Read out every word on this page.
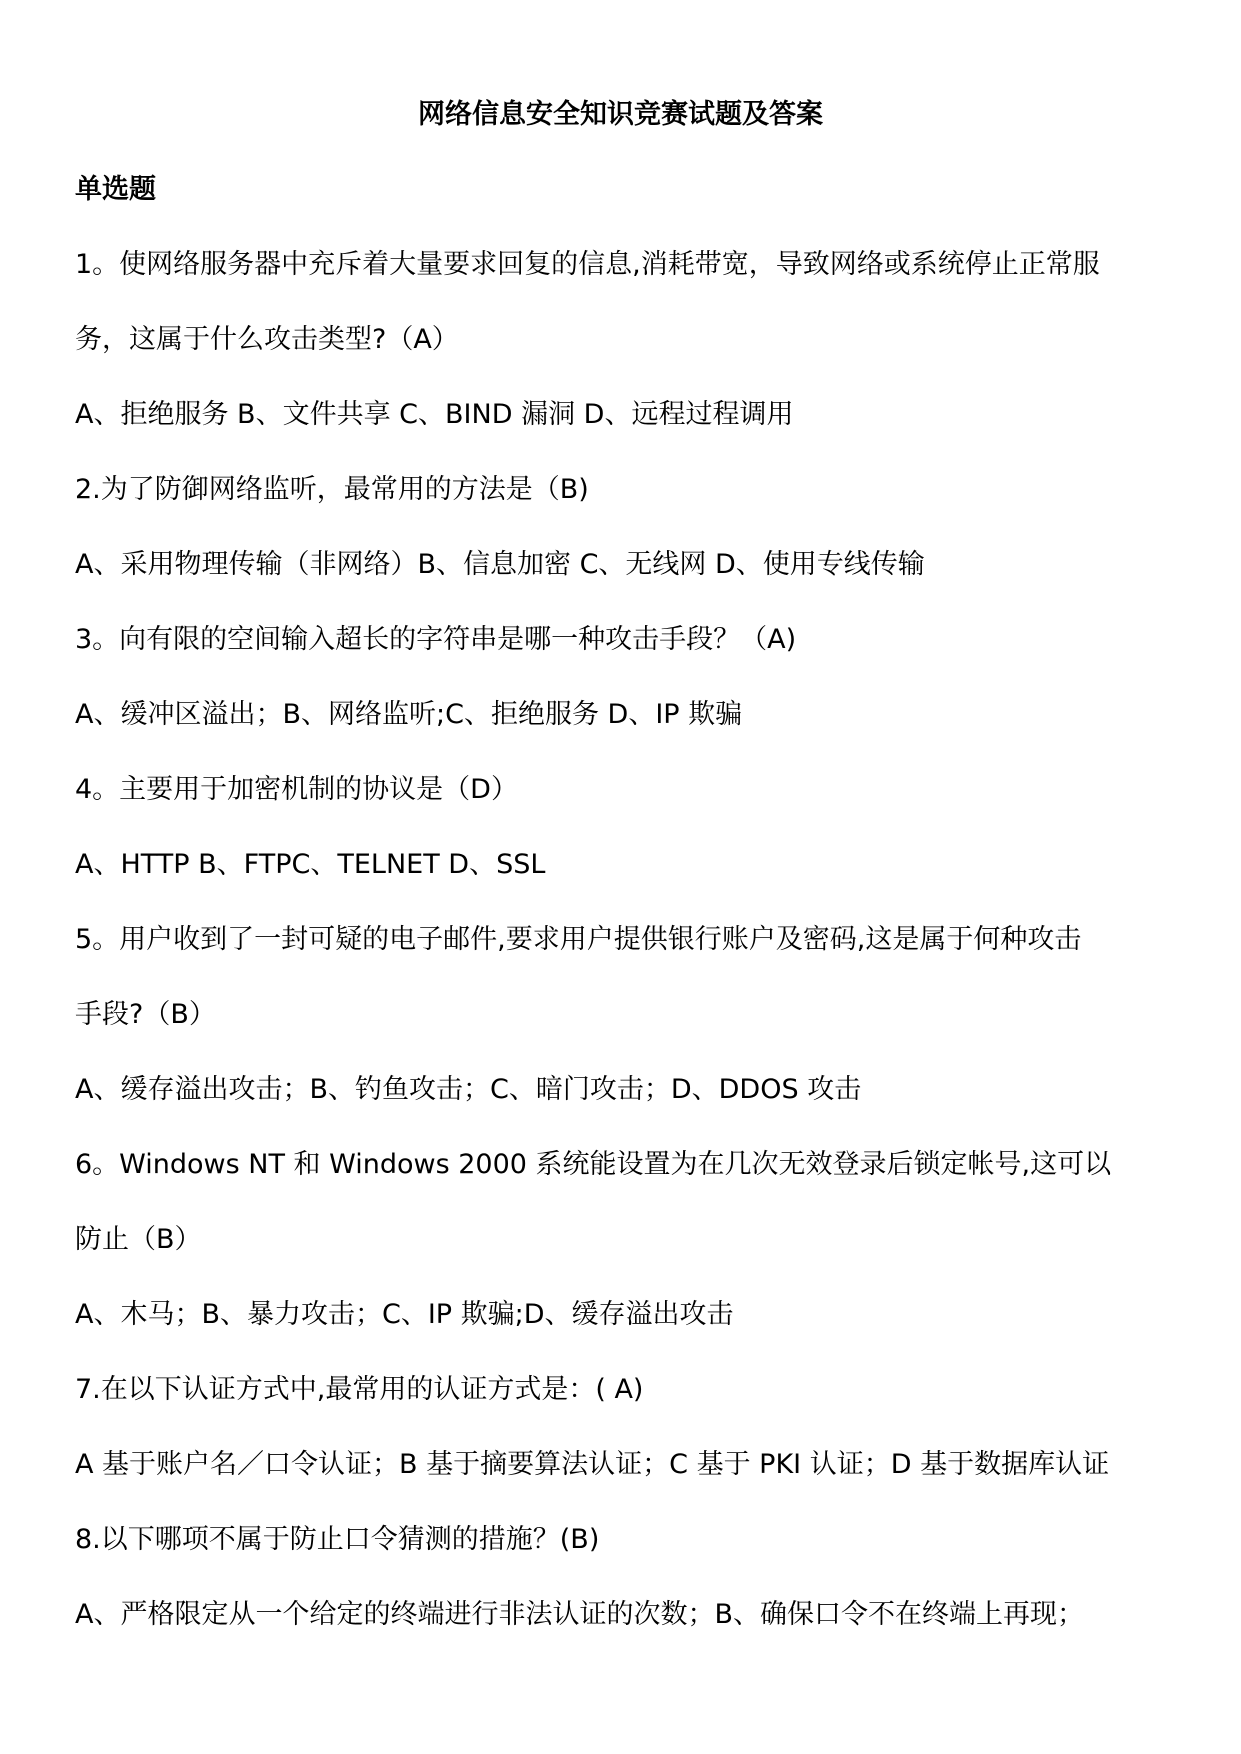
网络信息安全知识竞赛试题及答案
单选题
1。使网络服务器中充斥着大量要求回复的信息,消耗带宽，导致网络或系统停止正常服
务，这属于什么攻击类型?（A）
A、拒绝服务 B、文件共享 C、BIND 漏洞 D、远程过程调用
2.为了防御网络监听，最常用的方法是（B)
A、采用物理传输（非网络）B、信息加密 C、无线网 D、使用专线传输
3。向有限的空间输入超长的字符串是哪一种攻击手段？（A)
A、缓冲区溢出；B、网络监听;C、拒绝服务 D、IP 欺骗
4。主要用于加密机制的协议是（D）
A、HTTP B、FTPC、TELNET D、SSL
5。用户收到了一封可疑的电子邮件,要求用户提供银行账户及密码,这是属于何种攻击
手段?（B）
A、缓存溢出攻击；B、钓鱼攻击；C、暗门攻击；D、DDOS 攻击
6。Windows NT 和 Windows 2000 系统能设置为在几次无效登录后锁定帐号,这可以
防止（B）
A、木马；B、暴力攻击；C、IP 欺骗;D、缓存溢出攻击
7.在以下认证方式中,最常用的认证方式是：( A)
A 基于账户名／口令认证；B 基于摘要算法认证；C 基于 PKI 认证；D 基于数据库认证
8.以下哪项不属于防止口令猜测的措施？(B)
A、严格限定从一个给定的终端进行非法认证的次数；B、确保口令不在终端上再现；
